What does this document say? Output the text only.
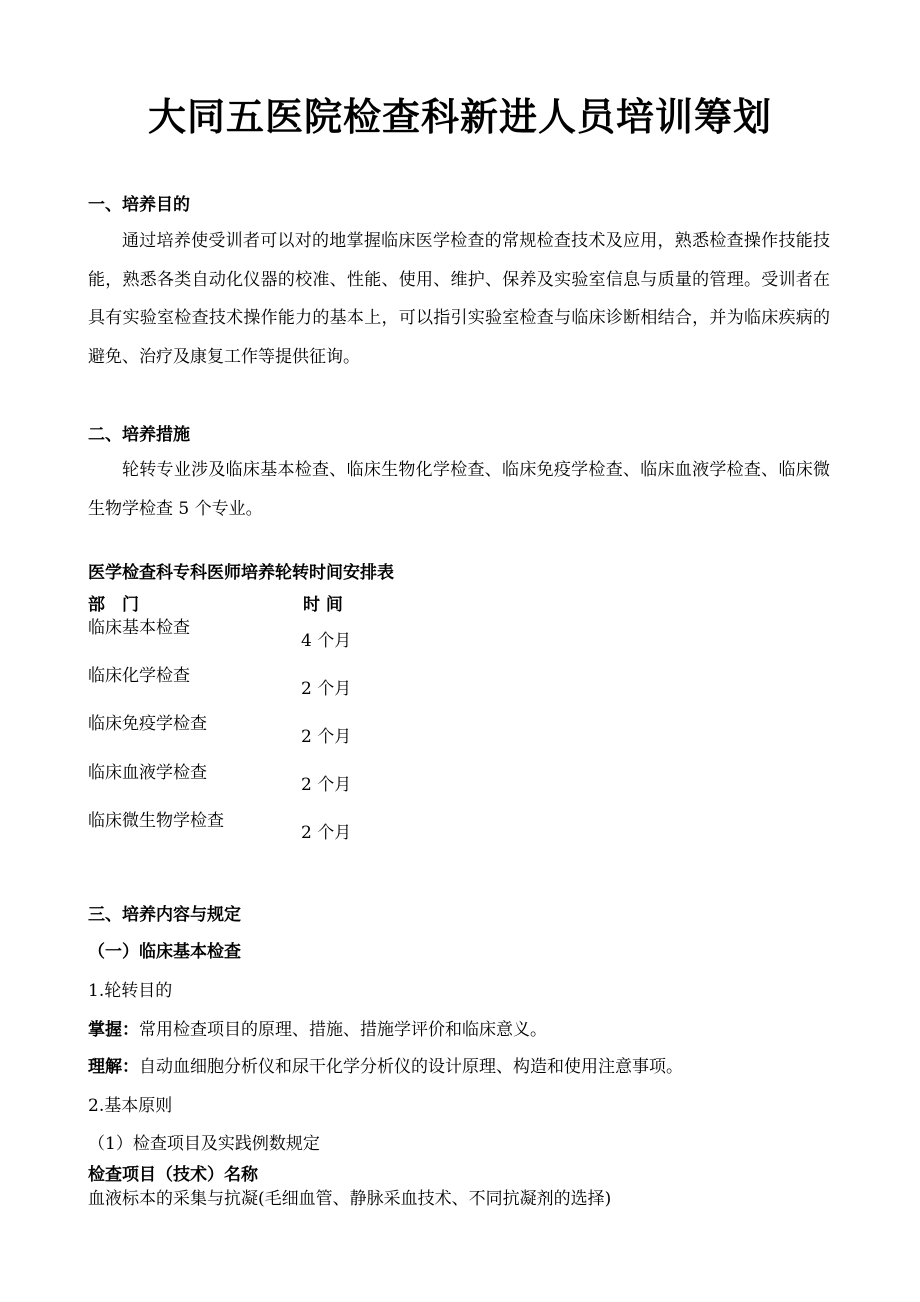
大同五医院检查科新进人员培训筹划
一、培养目的

通过培养使受训者可以对的地掌握临床医学检查的常规检查技术及应用，熟悉检查操作技能技能，熟悉各类自动化仪器的校准、性能、使用、维护、保养及实验室信息与质量的管理。受训者在具有实验室检查技术操作能力的基本上，可以指引实验室检查与临床诊断相结合，并为临床疾病的避免、治疗及康复工作等提供征询。

二、培养措施

轮转专业涉及临床基本检查、临床生物化学检查、临床免疫学检查、临床血液学检查、临床微生物学检查 5 个专业。

医学检查科专科医师培养轮转时间安排表
部　门	时 间
临床基本检查
4 个月
临床化学检查
2 个月
临床免疫学检查
2 个月
临床血液学检查
2 个月
临床微生物学检查
2 个月
三、培养内容与规定
（一）临床基本检查
1.轮转目的
掌握：常用检查项目的原理、措施、措施学评价和临床意义。
理解：自动血细胞分析仪和尿干化学分析仪的设计原理、构造和使用注意事项。
2.基本原则
（1）检查项目及实践例数规定
检查项目（技术）名称
血液标本的采集与抗凝(毛细血管、静脉采血技术、不同抗凝剂的选择)
